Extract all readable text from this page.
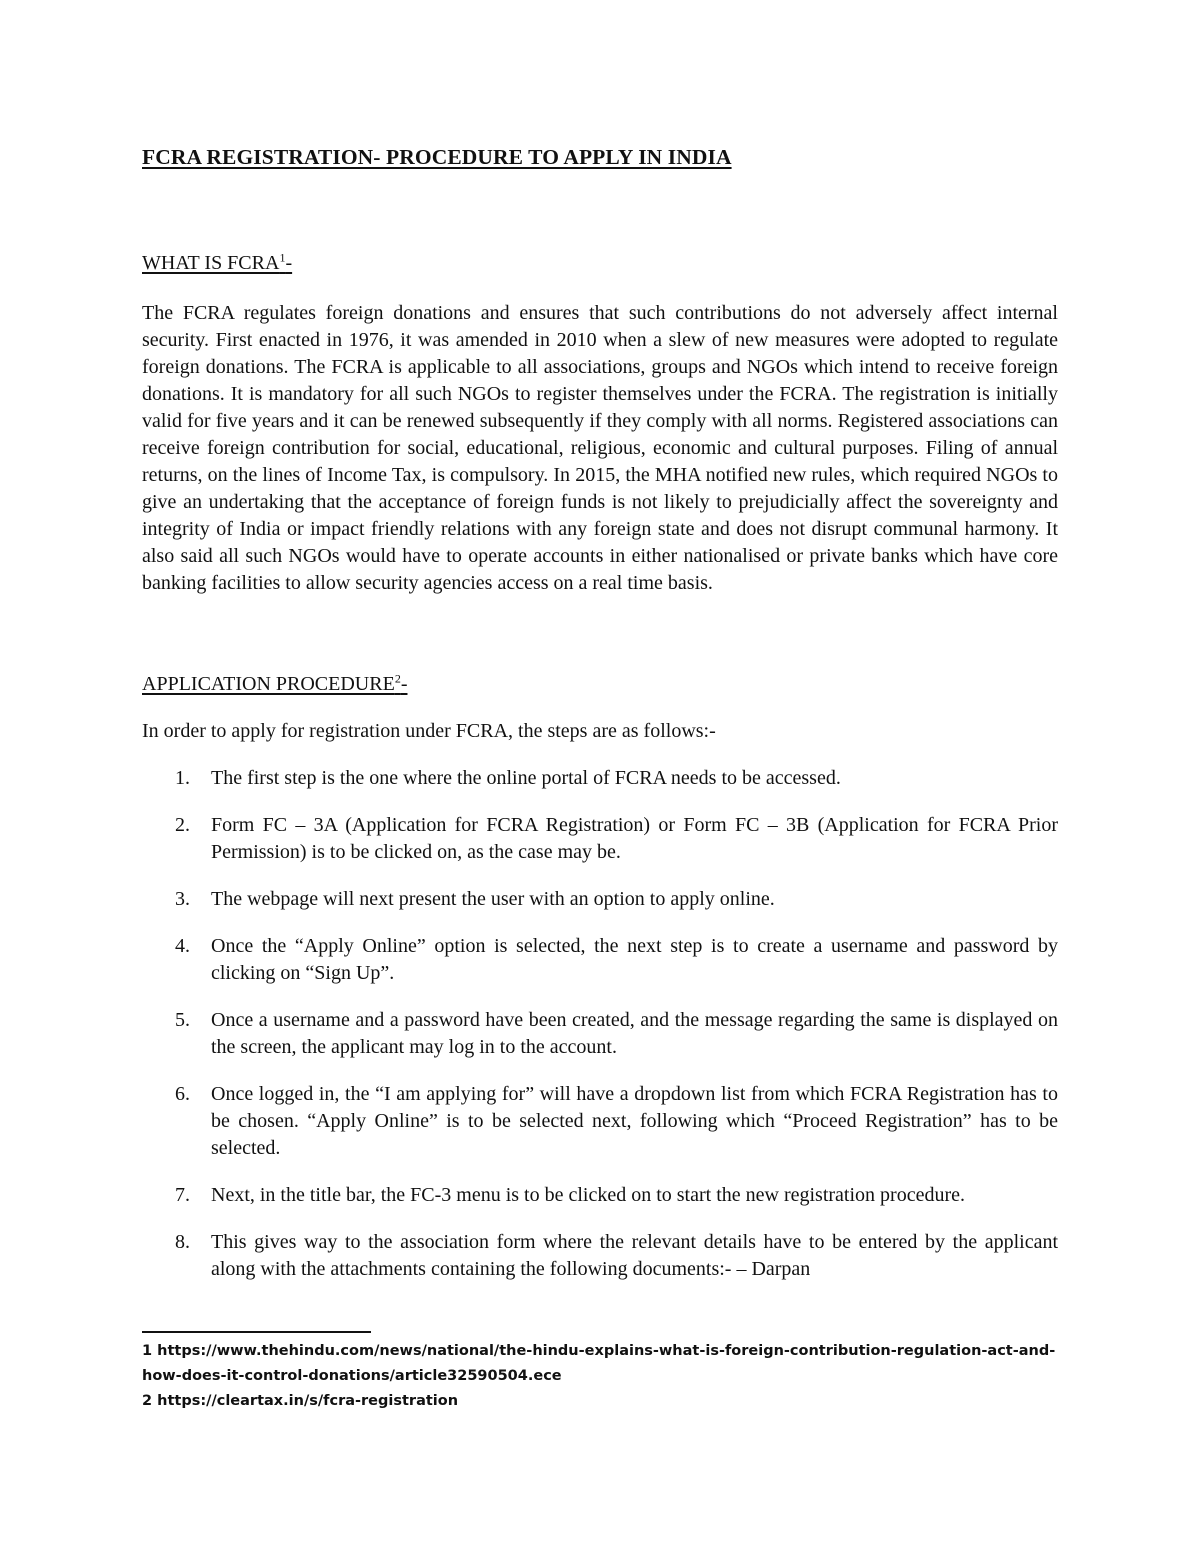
FCRA REGISTRATION- PROCEDURE TO APPLY IN INDIA

WHAT IS FCRA$^1$-

The FCRA regulates foreign donations and ensures that such contributions do not adversely affect internal security. First enacted in 1976, it was amended in 2010 when a slew of new measures were adopted to regulate foreign donations. The FCRA is applicable to all associations, groups and NGOs which intend to receive foreign donations. It is mandatory for all such NGOs to register themselves under the FCRA. The registration is initially valid for five years and it can be renewed subsequently if they comply with all norms. Registered associations can receive foreign contribution for social, educational, religious, economic and cultural purposes. Filing of annual returns, on the lines of Income Tax, is compulsory. In 2015, the MHA notified new rules, which required NGOs to give an undertaking that the acceptance of foreign funds is not likely to prejudicially affect the sovereignty and integrity of India or impact friendly relations with any foreign state and does not disrupt communal harmony. It also said all such NGOs would have to operate accounts in either nationalised or private banks which have core banking facilities to allow security agencies access on a real time basis.

APPLICATION PROCEDURE$^2$-

In order to apply for registration under FCRA, the steps are as follows:-

1. The first step is the one where the online portal of FCRA needs to be accessed.
2. Form FC – 3A (Application for FCRA Registration) or Form FC – 3B (Application for FCRA Prior Permission) is to be clicked on, as the case may be.
3. The webpage will next present the user with an option to apply online.
4. Once the “Apply Online” option is selected, the next step is to create a username and password by clicking on “Sign Up”.
5. Once a username and a password have been created, and the message regarding the same is displayed on the screen, the applicant may log in to the account.
6. Once logged in, the “I am applying for” will have a dropdown list from which FCRA Registration has to be chosen. “Apply Online” is to be selected next, following which “Proceed Registration” has to be selected.
7. Next, in the title bar, the FC-3 menu is to be clicked on to start the new registration procedure.
8. This gives way to the association form where the relevant details have to be entered by the applicant along with the attachments containing the following documents:- – Darpan

1 https://www.thehindu.com/news/national/the-hindu-explains-what-is-foreign-contribution-regulation-act-and-how-does-it-control-donations/article32590504.ece

2 https://cleartax.in/s/fcra-registration
